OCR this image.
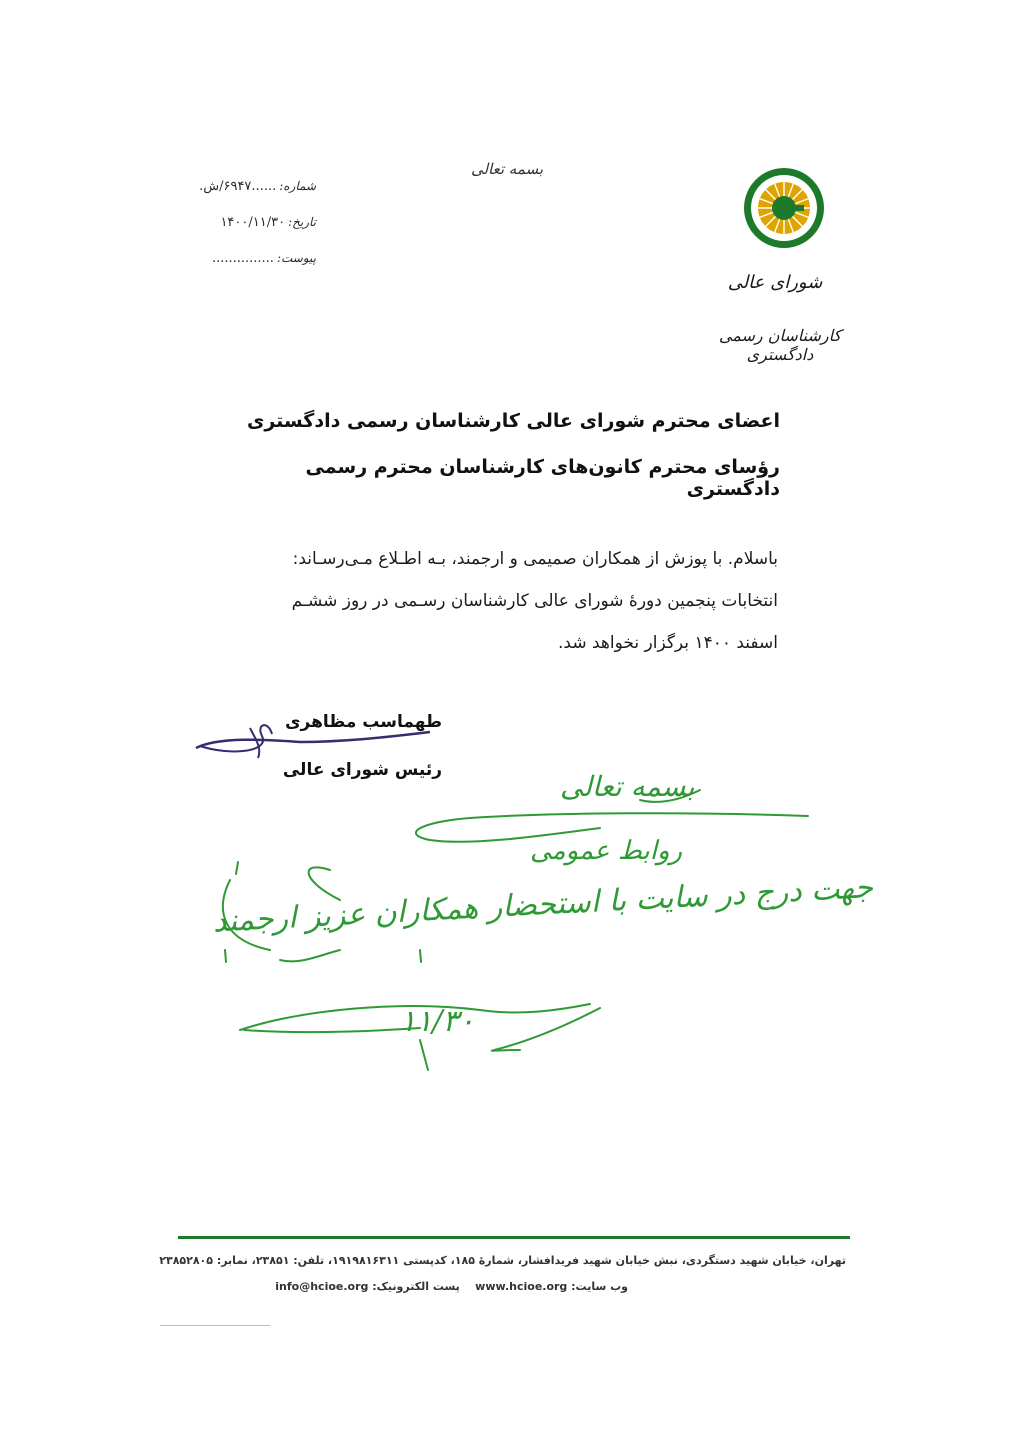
شماره:
......۶۹۴۷/ش.
تاریخ:
۱۴۰۰/۱۱/۳۰
پیوست:
...............
بسمه تعالی
شورای عالی
کارشناسان رسمی دادگستری
اعضای محترم شورای عالی کارشناسان رسمی دادگستری
رؤسای محترم کانون‌های کارشناسان محترم رسمی دادگستری
باسلام. با پوزش از همکاران صمیمی و ارجمند، بـه اطـلاع مـی‌رسـاند:
انتخابات پنجمین دورهٔ شورای عالی کارشناسان رسـمی در روز ششـم
اسفند ۱۴۰۰ برگزار نخواهد شد.
طهماسب مظاهری
رئیس شورای عالی	بسمه تعالی
روابط عمومی
جهت درج در سایت با استحضار همکاران عزیز ارجمند
۱۱/۳۰
تهران، خیابان شهید دستگردی، نبش خیابان شهید فریدافشار، شمارهٔ ۱۸۵، کدپستی ۱۹۱۹۸۱۶۳۱۱، تلفن: ۲۳۸۵۱، نمابر: ۲۳۸۵۲۸۰۵
وب سایت: www.hcioe.org    پست الکترونیک: info@hcioe.org
